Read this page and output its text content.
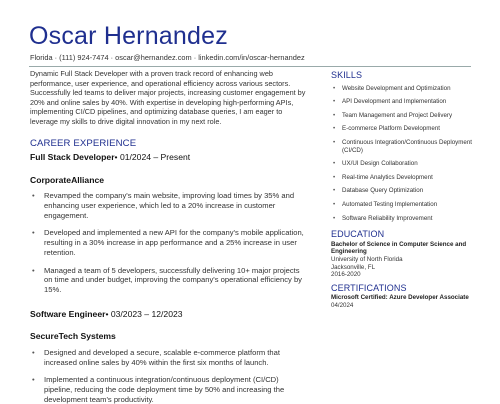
Oscar Hernandez
Florida · (111) 924-7474 · oscar@hernandez.com · linkedin.com/in/oscar-hernandez

Dynamic Full Stack Developer with a proven track record of enhancing web performance, user experience, and operational efficiency across various sectors. Successfully led teams to deliver major projects, increasing customer engagement by 20% and online sales by 40%. With expertise in developing high-performing APIs, implementing CI/CD pipelines, and optimizing database queries, I am eager to leverage my skills to drive digital innovation in my next role.

CAREER EXPERIENCE

Full Stack Developer• 01/2024 – Present

CorporateAlliance

• Revamped the company's main website, improving load times by 35% and enhancing user experience, which led to a 20% increase in customer engagement.
• Developed and implemented a new API for the company's mobile application, resulting in a 30% increase in app performance and a 25% increase in user retention.
• Managed a team of 5 developers, successfully delivering 10+ major projects on time and under budget, improving the company's operational efficiency by 15%.

Software Engineer• 03/2023 – 12/2023

SecureTech Systems

• Designed and developed a secure, scalable e-commerce platform that increased online sales by 40% within the first six months of launch.
• Implemented a continuous integration/continuous deployment (CI/CD) pipeline, reducing the code deployment time by 50% and increasing the development team's productivity.
SKILLS
• Website Development and Optimization
• API Development and Implementation
• Team Management and Project Delivery
• E-commerce Platform Development
• Continuous Integration/Continuous Deployment (CI/CD)
• UX/UI Design Collaboration
• Real-time Analytics Development
• Database Query Optimization
• Automated Testing Implementation
• Software Reliability Improvement
EDUCATION
Bachelor of Science in Computer Science and Engineering
University of North Florida
Jacksonville, FL
2016-2020
CERTIFICATIONS
Microsoft Certified: Azure Developer Associate
04/2024
